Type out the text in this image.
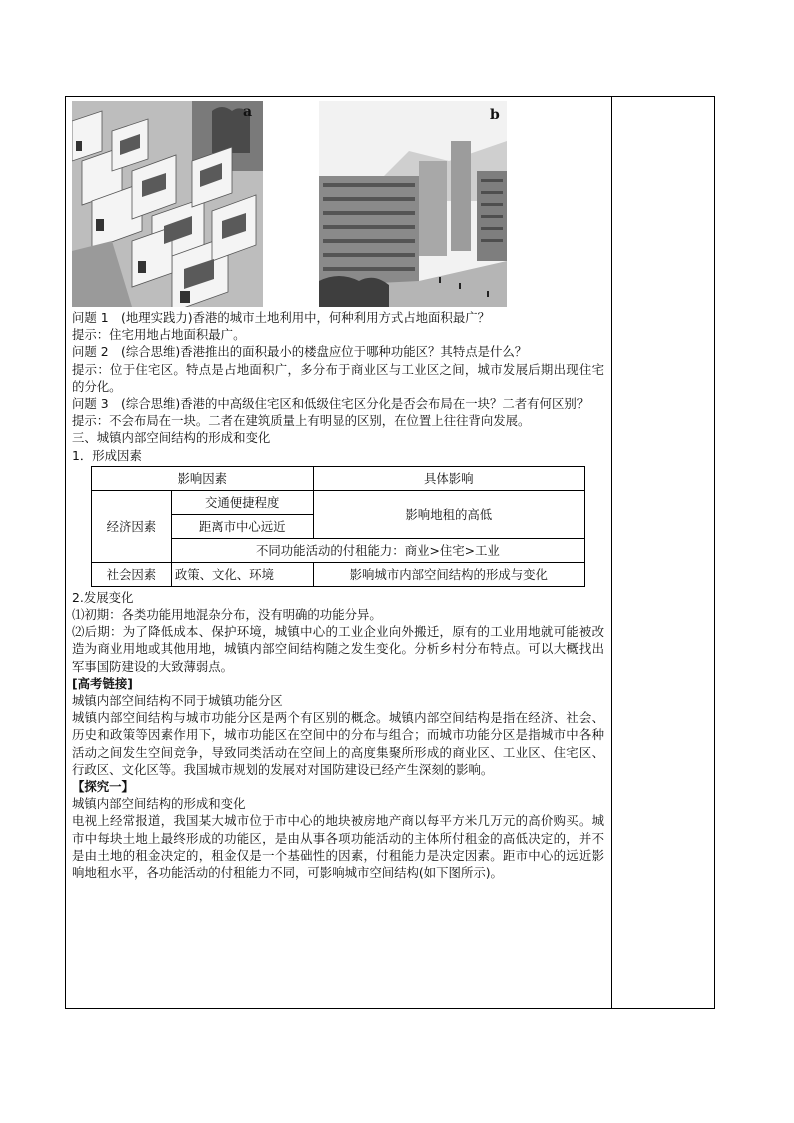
a	b

问题 1　(地理实践力)香港的城市土地利用中，何种利用方式占地面积最广？

提示：住宅用地占地面积最广。

问题 2　(综合思维)香港推出的面积最小的楼盘应位于哪种功能区？其特点是什么？

提示：位于住宅区。特点是占地面积广，多分布于商业区与工业区之间，城市发展后期出现住宅的分化。

问题 3　(综合思维)香港的中高级住宅区和低级住宅区分化是否会布局在一块？二者有何区别？

提示：不会布局在一块。二者在建筑质量上有明显的区别，在位置上往往背向发展。

三、城镇内部空间结构的形成和变化

1．形成因素

影响因素		具体影响
经济因素	交通便捷程度	影响地租的高低
	距离市中心远近	
	不同功能活动的付租能力：商业>住宅>工业	
社会因素	政策、文化、环境	影响城市内部空间结构的形成与变化

2.发展变化

⑴初期：各类功能用地混杂分布，没有明确的功能分异。

⑵后期：为了降低成本、保护环境，城镇中心的工业企业向外搬迁，原有的工业用地就可能被改造为商业用地或其他用地，城镇内部空间结构随之发生变化。分析乡村分布特点。可以大概找出军事国防建设的大致薄弱点。

[高考链接]

城镇内部空间结构不同于城镇功能分区

城镇内部空间结构与城市功能分区是两个有区别的概念。城镇内部空间结构是指在经济、社会、历史和政策等因素作用下，城市功能区在空间中的分布与组合；而城市功能分区是指城市中各种活动之间发生空间竞争，导致同类活动在空间上的高度集聚所形成的商业区、工业区、住宅区、行政区、文化区等。我国城市规划的发展对对国防建设已经产生深刻的影响。

【探究一】

城镇内部空间结构的形成和变化

电视上经常报道，我国某大城市位于市中心的地块被房地产商以每平方米几万元的高价购买。城市中每块土地上最终形成的功能区，是由从事各项功能活动的主体所付租金的高低决定的，并不是由土地的租金决定的，租金仅是一个基础性的因素，付租能力是决定因素。距市中心的远近影响地租水平，各功能活动的付租能力不同，可影响城市空间结构(如下图所示)。
